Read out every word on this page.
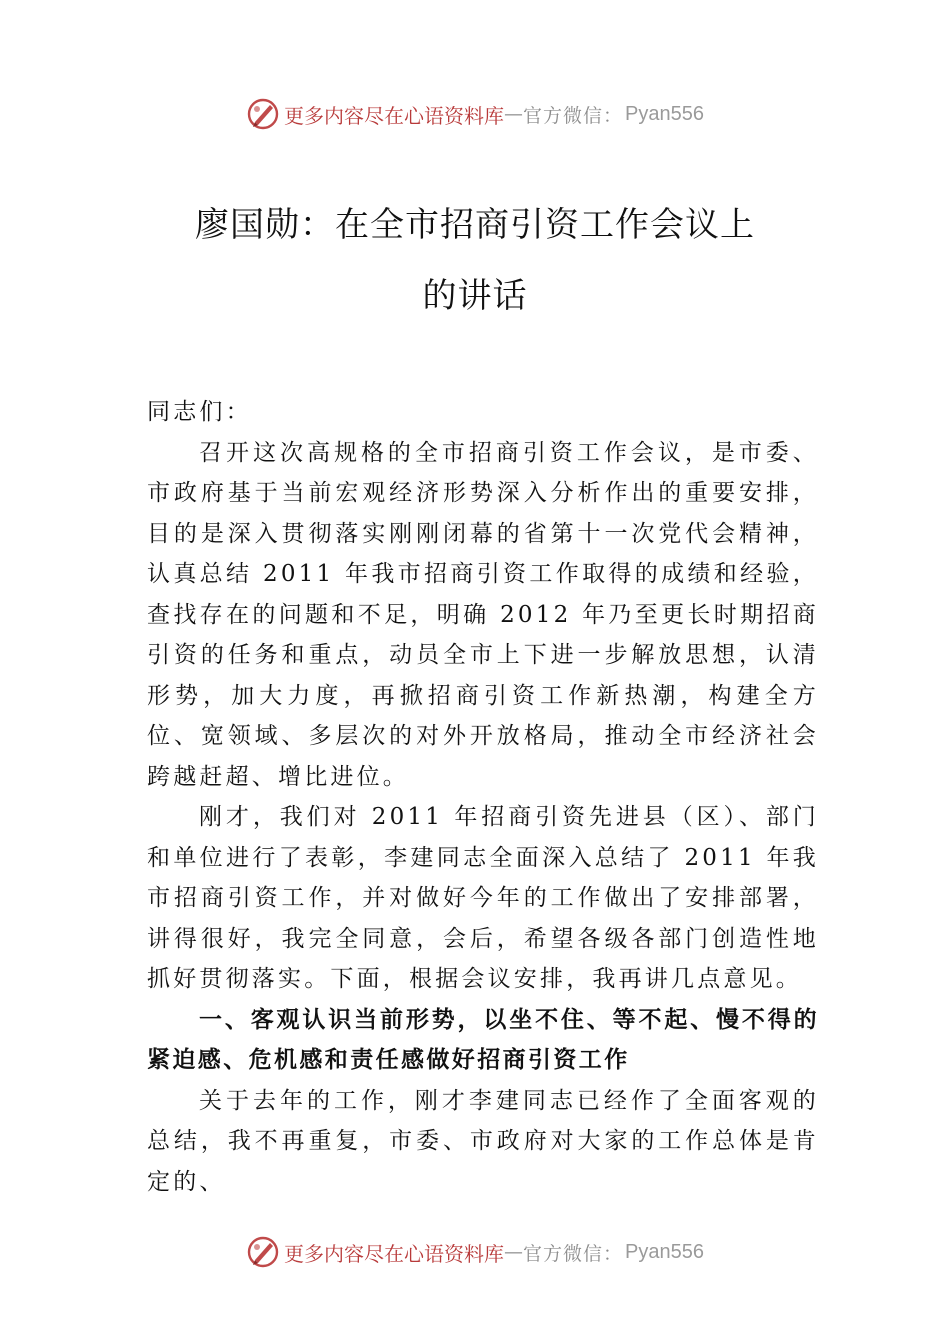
更多内容尽在心语资料库 — 官方微信： Pyan556
廖国勋：在全市招商引资工作会议上
的讲话

同志们：

召开这次高规格的全市招商引资工作会议，是市委、市政府基于当前宏观经济形势深入分析作出的重要安排，目的是深入贯彻落实刚刚闭幕的省第十一次党代会精神，认真总结 2011 年我市招商引资工作取得的成绩和经验，查找存在的问题和不足，明确 2012 年乃至更长时期招商引资的任务和重点，动员全市上下进一步解放思想，认清形势，加大力度，再掀招商引资工作新热潮，构建全方位、宽领域、多层次的对外开放格局，推动全市经济社会跨越赶超、增比进位。

刚才，我们对 2011 年招商引资先进县（区）、部门和单位进行了表彰，李建同志全面深入总结了 2011 年我市招商引资工作，并对做好今年的工作做出了安排部署，讲得很好，我完全同意，会后，希望各级各部门创造性地抓好贯彻落实。下面，根据会议安排，我再讲几点意见。

一、客观认识当前形势，以坐不住、等不起、慢不得的 紧迫感、危机感和责任感做好招商引资工作

关于去年的工作，刚才李建同志已经作了全面客观的总结，我不再重复，市委、市政府对大家的工作总体是肯定的、

更多内容尽在心语资料库 — 官方微信： Pyan556
